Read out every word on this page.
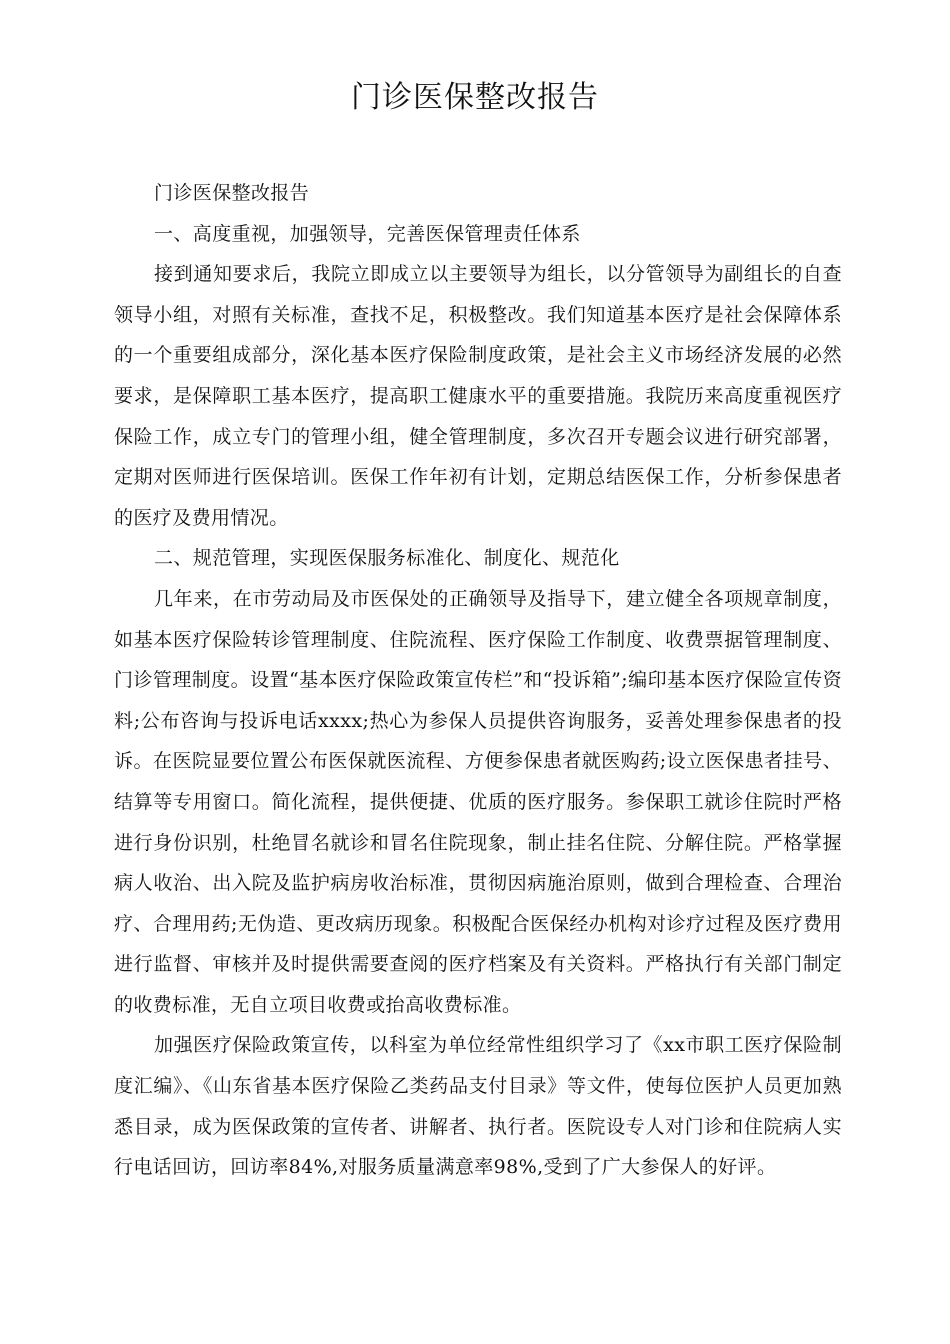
门诊医保整改报告

门诊医保整改报告

一、高度重视，加强领导，完善医保管理责任体系

接到通知要求后，我院立即成立以主要领导为组长，以分管领导为副组长的自查领导小组，对照有关标准，查找不足，积极整改。我们知道基本医疗是社会保障体系的一个重要组成部分，深化基本医疗保险制度政策，是社会主义市场经济发展的必然要求，是保障职工基本医疗，提高职工健康水平的重要措施。我院历来高度重视医疗保险工作，成立专门的管理小组，健全管理制度，多次召开专题会议进行研究部署，定期对医师进行医保培训。医保工作年初有计划，定期总结医保工作，分析参保患者的医疗及费用情况。

二、规范管理，实现医保服务标准化、制度化、规范化

几年来，在市劳动局及市医保处的正确领导及指导下，建立健全各项规章制度，如基本医疗保险转诊管理制度、住院流程、医疗保险工作制度、收费票据管理制度、门诊管理制度。设置“基本医疗保险政策宣传栏”和“投诉箱”;编印基本医疗保险宣传资料;公布咨询与投诉电话xxxx;热心为参保人员提供咨询服务，妥善处理参保患者的投诉。在医院显要位置公布医保就医流程、方便参保患者就医购药;设立医保患者挂号、结算等专用窗口。简化流程，提供便捷、优质的医疗服务。参保职工就诊住院时严格进行身份识别，杜绝冒名就诊和冒名住院现象，制止挂名住院、分解住院。严格掌握病人收治、出入院及监护病房收治标准，贯彻因病施治原则，做到合理检查、合理治疗、合理用药;无伪造、更改病历现象。积极配合医保经办机构对诊疗过程及医疗费用进行监督、审核并及时提供需要查阅的医疗档案及有关资料。严格执行有关部门制定的收费标准，无自立项目收费或抬高收费标准。

加强医疗保险政策宣传，以科室为单位经常性组织学习了《xx市职工医疗保险制度汇编》、《山东省基本医疗保险乙类药品支付目录》等文件，使每位医护人员更加熟悉目录，成为医保政策的宣传者、讲解者、执行者。医院设专人对门诊和住院病人实行电话回访，回访率84%,对服务质量满意率98%,受到了广大参保人的好评。
